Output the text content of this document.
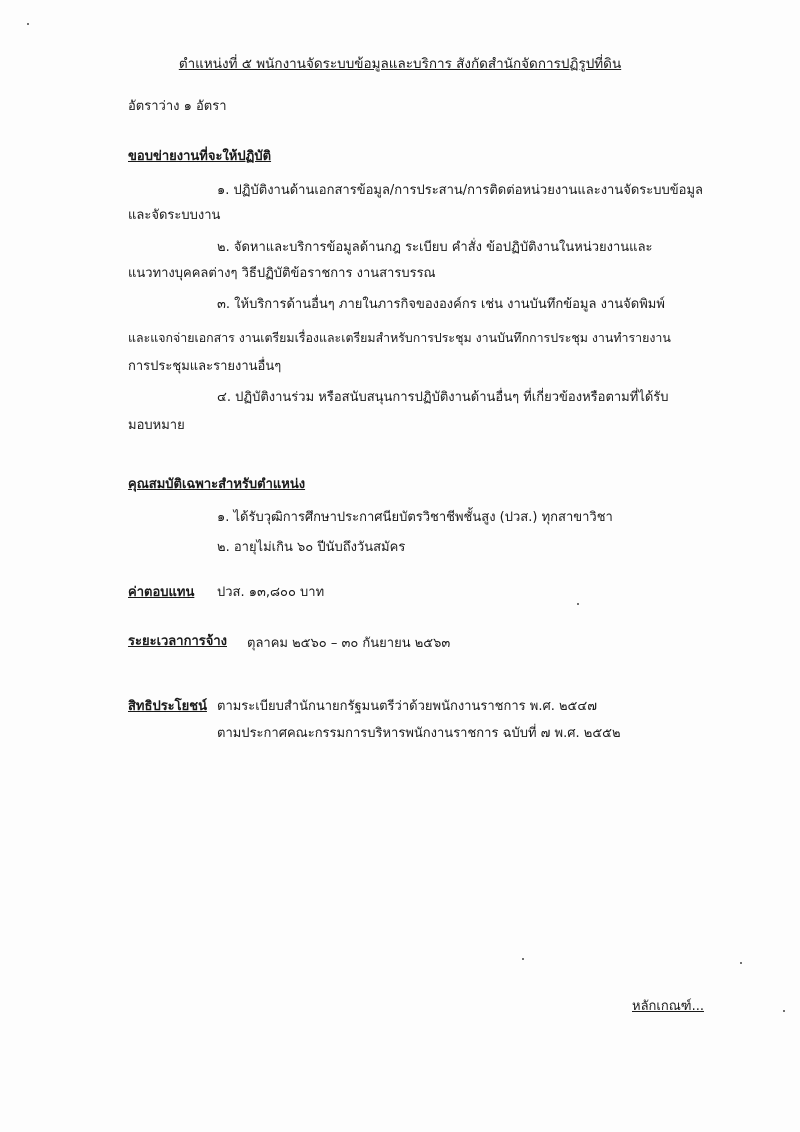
ตำแหน่งที่ ๕ พนักงานจัดระบบข้อมูลและบริการ สังกัดสำนักจัดการปฏิรูปที่ดิน
อัตราว่าง ๑ อัตรา
ขอบข่ายงานที่จะให้ปฏิบัติ
๑. ปฏิบัติงานด้านเอกสารข้อมูล/การประสาน/การติดต่อหน่วยงานและงานจัดระบบข้อมูล
และจัดระบบงาน
๒. จัดหาและบริการข้อมูลด้านกฎ ระเบียบ คำสั่ง ข้อปฏิบัติงานในหน่วยงานและ
แนวทางบุคคลต่างๆ วิธีปฏิบัติข้อราชการ งานสารบรรณ
๓. ให้บริการด้านอื่นๆ ภายในภารกิจขององค์กร เช่น งานบันทึกข้อมูล งานจัดพิมพ์
และแจกจ่ายเอกสาร งานเตรียมเรื่องและเตรียมสำหรับการประชุม งานบันทึกการประชุม งานทำรายงาน
การประชุมและรายงานอื่นๆ
๔. ปฏิบัติงานร่วม หรือสนับสนุนการปฏิบัติงานด้านอื่นๆ ที่เกี่ยวข้องหรือตามที่ได้รับ
มอบหมาย
คุณสมบัติเฉพาะสำหรับตำแหน่ง
๑. ได้รับวุฒิการศึกษาประกาศนียบัตรวิชาชีพชั้นสูง (ปวส.) ทุกสาขาวิชา
๒. อายุไม่เกิน ๖๐ ปีนับถึงวันสมัคร
ค่าตอบแทน ปวส. ๑๓,๘๐๐ บาท
ระยะเวลาการจ้าง ตุลาคม ๒๕๖๐ – ๓๐ กันยายน ๒๕๖๓
สิทธิประโยชน์ ตามระเบียบสำนักนายกรัฐมนตรีว่าด้วยพนักงานราชการ พ.ศ. ๒๕๔๗
ตามประกาศคณะกรรมการบริหารพนักงานราชการ ฉบับที่ ๗ พ.ศ. ๒๕๕๒
หลักเกณฑ์...
